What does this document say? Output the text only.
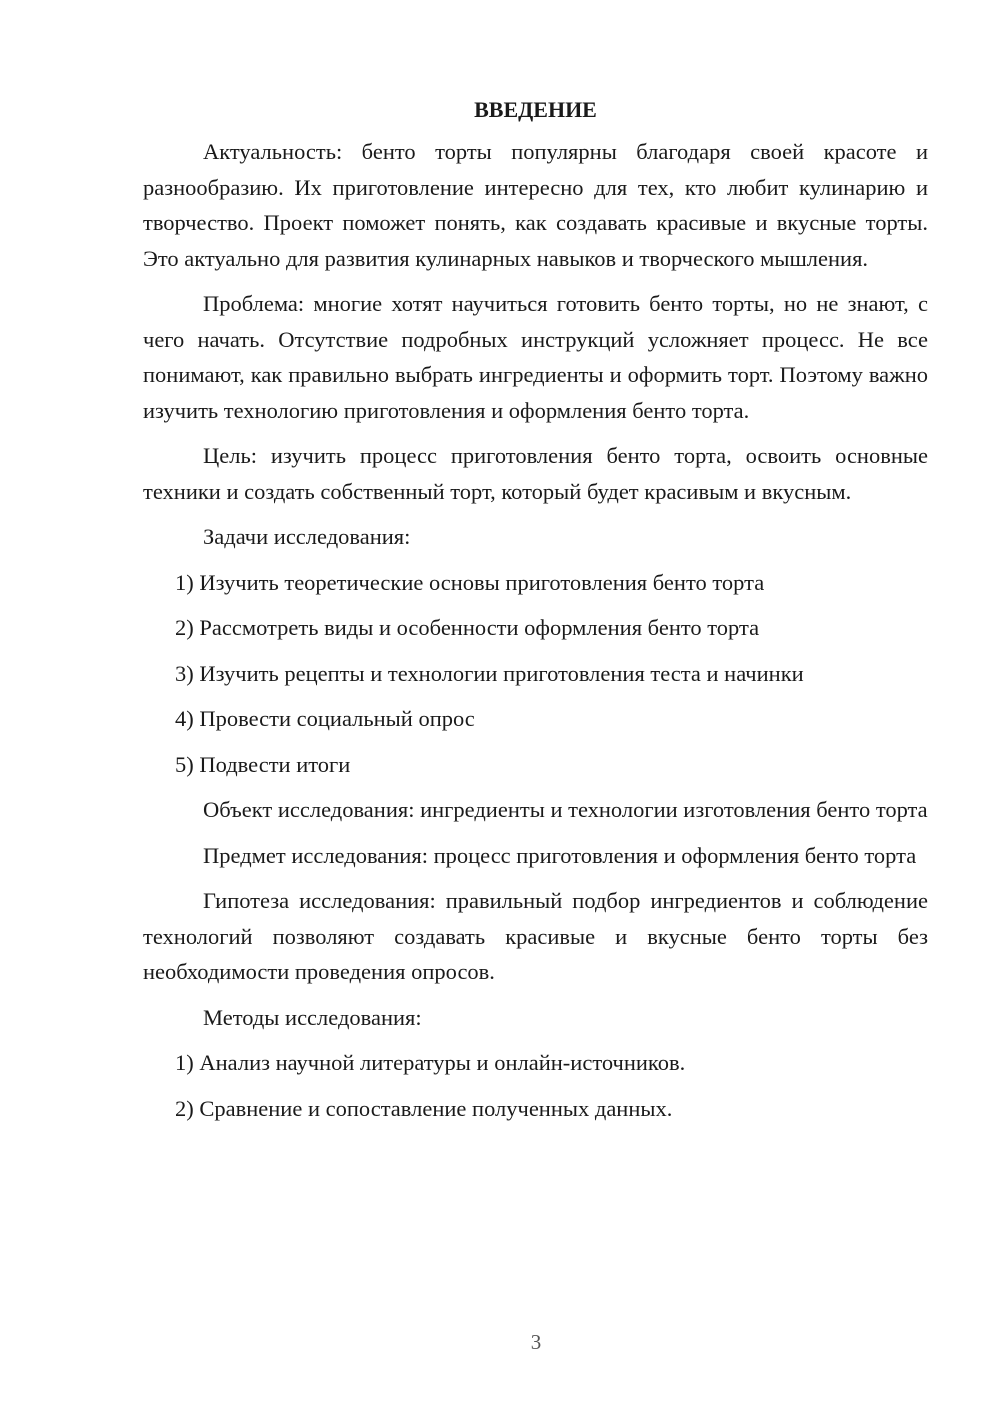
ВВЕДЕНИЕ

Актуальность: бенто торты популярны благодаря своей красоте и разнообразию. Их приготовление интересно для тех, кто любит кулинарию и творчество. Проект поможет понять, как создавать красивые и вкусные торты. Это актуально для развития кулинарных навыков и творческого мышления.

Проблема: многие хотят научиться готовить бенто торты, но не знают, с чего начать. Отсутствие подробных инструкций усложняет процесс. Не все понимают, как правильно выбрать ингредиенты и оформить торт. Поэтому важно изучить технологию приготовления и оформления бенто торта.

Цель: изучить процесс приготовления бенто торта, освоить основные техники и создать собственный торт, который будет красивым и вкусным.

Задачи исследования:

1) Изучить теоретические основы приготовления бенто торта
2) Рассмотреть виды и особенности оформления бенто торта
3) Изучить рецепты и технологии приготовления теста и начинки
4) Провести социальный опрос
5) Подвести итоги

Объект исследования: ингредиенты и технологии изготовления бенто торта

Предмет исследования: процесс приготовления и оформления бенто торта

Гипотеза исследования: правильный подбор ингредиентов и соблюдение технологий позволяют создавать красивые и вкусные бенто торты без необходимости проведения опросов.

Методы исследования:

1) Анализ научной литературы и онлайн-источников.
2) Сравнение и сопоставление полученных данных.
3
